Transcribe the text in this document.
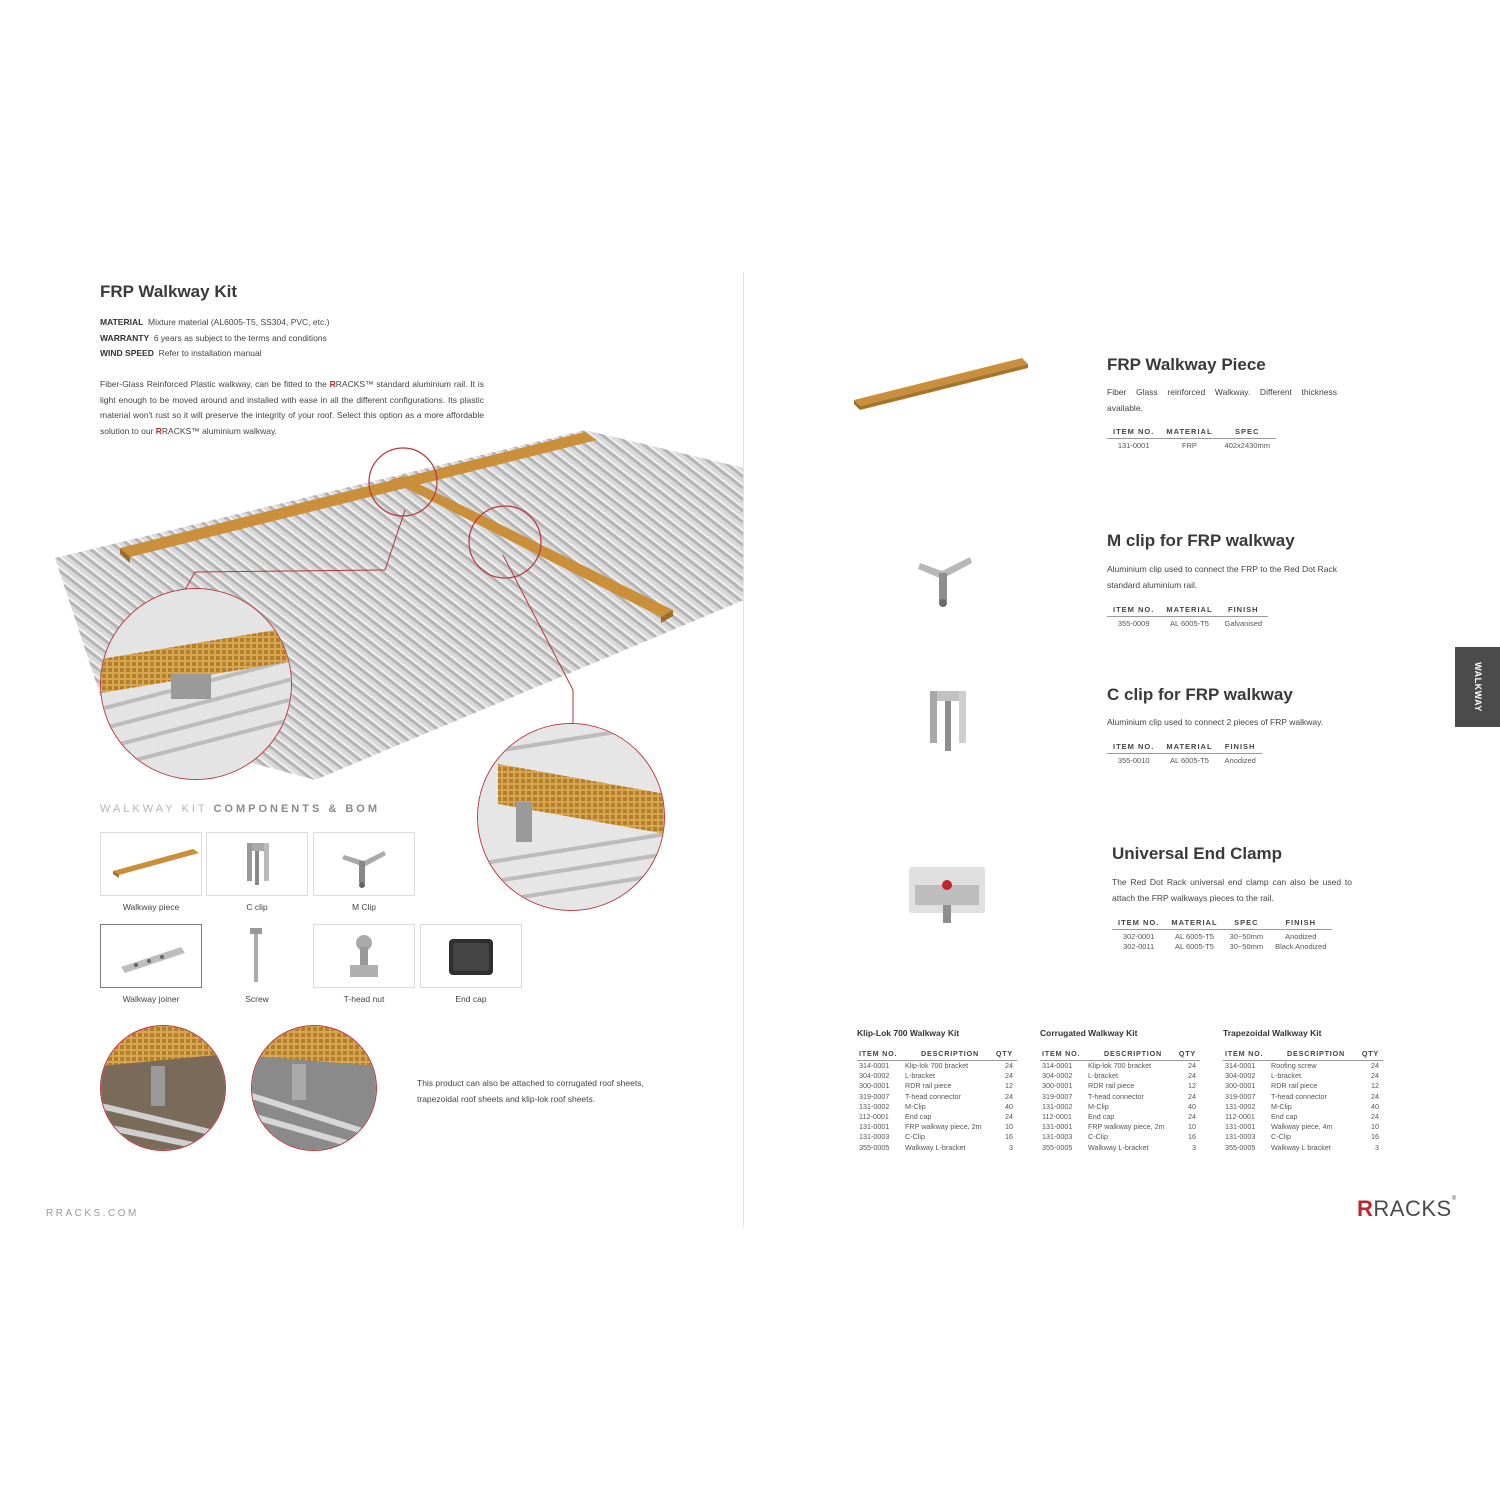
FRP Walkway Kit
MATERIAL Mixture material (AL6005-T5, SS304, PVC, etc.)
WARRANTY 6 years as subject to the terms and conditions
WIND SPEED Refer to installation manual
Fiber-Glass Reinforced Plastic walkway, can be fitted to the RRACKS™ standard aluminium rail. It is light enough to be moved around and installed with ease in all the different configurations. Its plastic material won't rust so it will preserve the integrity of your roof. Select this option as a more affordable solution to our RRACKS™ aluminium walkway.
WALKWAY KIT COMPONENTS & BOM
Walkway piece	C clip	M Clip
Walkway joiner	Screw	T-head nut	End cap
This product can also be attached to corrugated roof sheets,
trapezoidal roof sheets and klip-lok roof sheets.
RRACKS.COM
FRP Walkway Piece
Fiber Glass reinforced Walkway. Different thickness available.
ITEM NO.	MATERIAL	SPEC
131-0001	FRP	402x2430mm
M clip for FRP walkway
Aluminium clip used to connect the FRP to the Red Dot Rack standard aluminium rail.
ITEM NO.	MATERIAL	FINISH
355-0009	AL 6005-T5	Galvanised
C clip for FRP walkway
Aluminium clip used to connect 2 pieces of FRP walkway.
ITEM NO.	MATERIAL	FINISH
355-0010	AL 6005-T5	Anodized
Universal End Clamp
The Red Dot Rack universal end clamp can also be used to attach the FRP walkways pieces to the rail.
ITEM NO.	MATERIAL	SPEC	FINISH
302-0001	AL 6005-T5	30~50mm	Anodized
302-0011	AL 6005-T5	30~50mm	Black Anodized
WALKWAY
Klip-Lok 700 Walkway Kit
ITEM NO.	DESCRIPTION	QTY
314-0001	Klip-lok 700 bracket	24
304-0002	L-bracket	24
300-0001	RDR rail piece	12
319-0007	T-head connector	24
131-0002	M-Clip	40
112-0001	End cap	24
131-0001	FRP walkway piece, 2m	10
131-0003	C-Clip	16
355-0005	Walkway L-bracket	3
Corrugated Walkway Kit
ITEM NO.	DESCRIPTION	QTY
314-0001	Klip-lok 700 bracket	24
304-0002	L-bracket	24
300-0001	RDR rail piece	12
319-0007	T-head connector	24
131-0002	M-Clip	40
112-0001	End cap	24
131-0001	FRP walkway piece, 2m	10
131-0003	C-Clip	16
355-0005	Walkway L-bracket	3
Trapezoidal Walkway Kit
ITEM NO.	DESCRIPTION	QTY
314-0001	Roofing screw	24
304-0002	L-bracket	24
300-0001	RDR rail piece	12
319-0007	T-head connector	24
131-0002	M-Clip	40
112-0001	End cap	24
131-0001	Walkway piece, 4m	10
131-0003	C-Clip	16
355-0005	Walkway L bracket	3
RRACKS®
